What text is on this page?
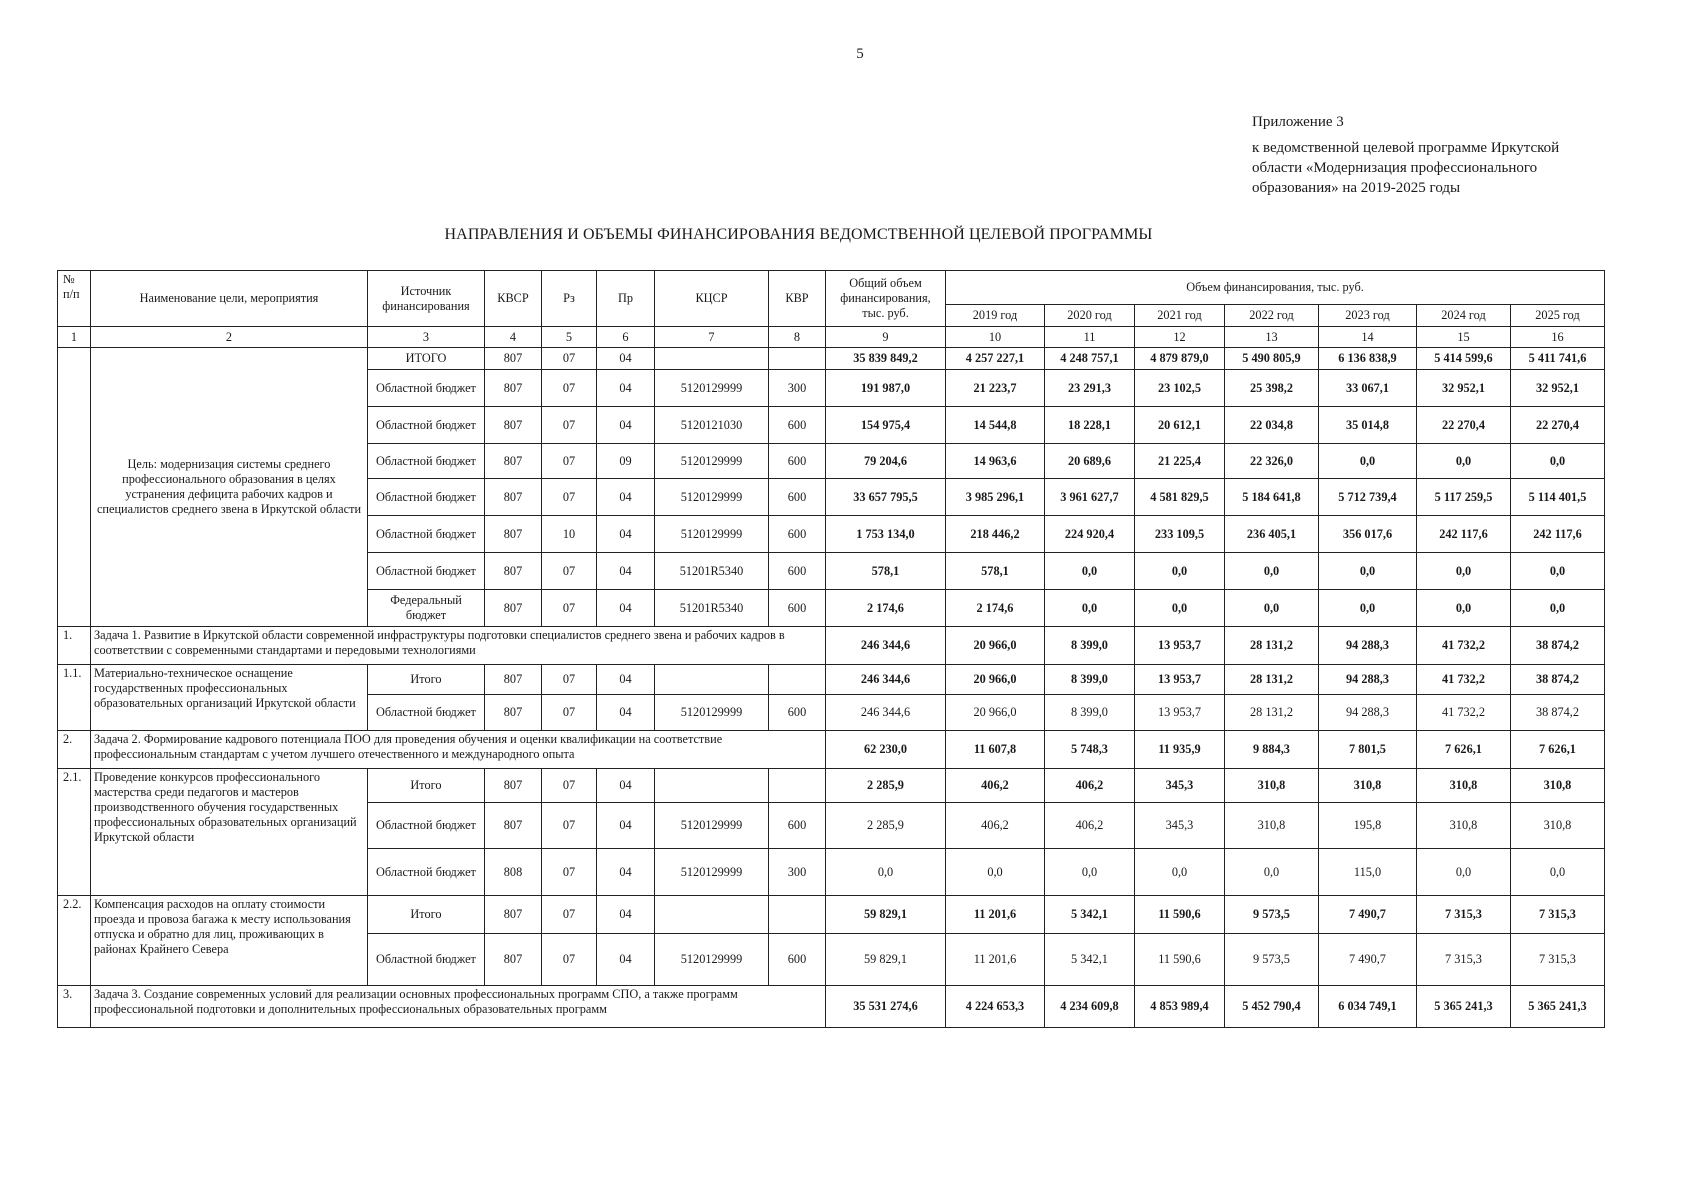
5
Приложение 3
к ведомственной целевой программе Иркутской
области «Модернизация профессионального
образования» на 2019-2025 годы
НАПРАВЛЕНИЯ И ОБЪЕМЫ ФИНАНСИРОВАНИЯ ВЕДОМСТВЕННОЙ ЦЕЛЕВОЙ ПРОГРАММЫ
№ п/п	Наименование цели, мероприятия	Источник финансирования	КВСР	Рз	Пр	КЦСР	КВР	Общий объем финансирования, тыс. руб.	Объем финансирования, тыс. руб.						
									2019 год	2020 год	2021 год	2022 год	2023 год	2024 год	2025 год
1	2	3	4	5	6	7	8	9	10	11	12	13	14	15	16
	Цель: модернизация системы среднего профессионального образования в целях устранения дефицита рабочих кадров и специалистов среднего звена в Иркутской области	ИТОГО	807	07	04			35 839 849,2	4 257 227,1	4 248 757,1	4 879 879,0	5 490 805,9	6 136 838,9	5 414 599,6	5 411 741,6
		Областной бюджет	807	07	04	5120129999	300	191 987,0	21 223,7	23 291,3	23 102,5	25 398,2	33 067,1	32 952,1	32 952,1
		Областной бюджет	807	07	04	5120121030	600	154 975,4	14 544,8	18 228,1	20 612,1	22 034,8	35 014,8	22 270,4	22 270,4
		Областной бюджет	807	07	09	5120129999	600	79 204,6	14 963,6	20 689,6	21 225,4	22 326,0	0,0	0,0	0,0
		Областной бюджет	807	07	04	5120129999	600	33 657 795,5	3 985 296,1	3 961 627,7	4 581 829,5	5 184 641,8	5 712 739,4	5 117 259,5	5 114 401,5
		Областной бюджет	807	10	04	5120129999	600	1 753 134,0	218 446,2	224 920,4	233 109,5	236 405,1	356 017,6	242 117,6	242 117,6
		Областной бюджет	807	07	04	51201R5340	600	578,1	578,1	0,0	0,0	0,0	0,0	0,0	0,0
		Федеральный бюджет	807	07	04	51201R5340	600	2 174,6	2 174,6	0,0	0,0	0,0	0,0	0,0	0,0
1.	Задача 1. Развитие в Иркутской области современной инфраструктуры подготовки специалистов среднего звена и рабочих кадров в соответствии с современными стандартами и передовыми технологиями							246 344,6	20 966,0	8 399,0	13 953,7	28 131,2	94 288,3	41 732,2	38 874,2
1.1.	Материально-техническое оснащение государственных профессиональных образовательных организаций Иркутской области	Итого	807	07	04			246 344,6	20 966,0	8 399,0	13 953,7	28 131,2	94 288,3	41 732,2	38 874,2
		Областной бюджет	807	07	04	5120129999	600	246 344,6	20 966,0	8 399,0	13 953,7	28 131,2	94 288,3	41 732,2	38 874,2
2.	Задача 2. Формирование кадрового потенциала ПОО для проведения обучения и оценки квалификации на соответствие профессиональным стандартам с учетом лучшего отечественного и международного опыта							62 230,0	11 607,8	5 748,3	11 935,9	9 884,3	7 801,5	7 626,1	7 626,1
2.1.	Проведение конкурсов профессионального мастерства среди педагогов и мастеров производственного обучения государственных профессиональных образовательных организаций Иркутской области	Итого	807	07	04			2 285,9	406,2	406,2	345,3	310,8	310,8	310,8	310,8
		Областной бюджет	807	07	04	5120129999	600	2 285,9	406,2	406,2	345,3	310,8	195,8	310,8	310,8
		Областной бюджет	808	07	04	5120129999	300	0,0	0,0	0,0	0,0	0,0	115,0	0,0	0,0
2.2.	Компенсация расходов на оплату стоимости проезда и провоза багажа к месту использования отпуска и обратно для лиц, проживающих в районах Крайнего Севера	Итого	807	07	04			59 829,1	11 201,6	5 342,1	11 590,6	9 573,5	7 490,7	7 315,3	7 315,3
		Областной бюджет	807	07	04	5120129999	600	59 829,1	11 201,6	5 342,1	11 590,6	9 573,5	7 490,7	7 315,3	7 315,3
3.	Задача 3. Создание современных условий для реализации основных профессиональных программ СПО, а также программ профессиональной подготовки и дополнительных профессиональных образовательных программ							35 531 274,6	4 224 653,3	4 234 609,8	4 853 989,4	5 452 790,4	6 034 749,1	5 365 241,3	5 365 241,3
